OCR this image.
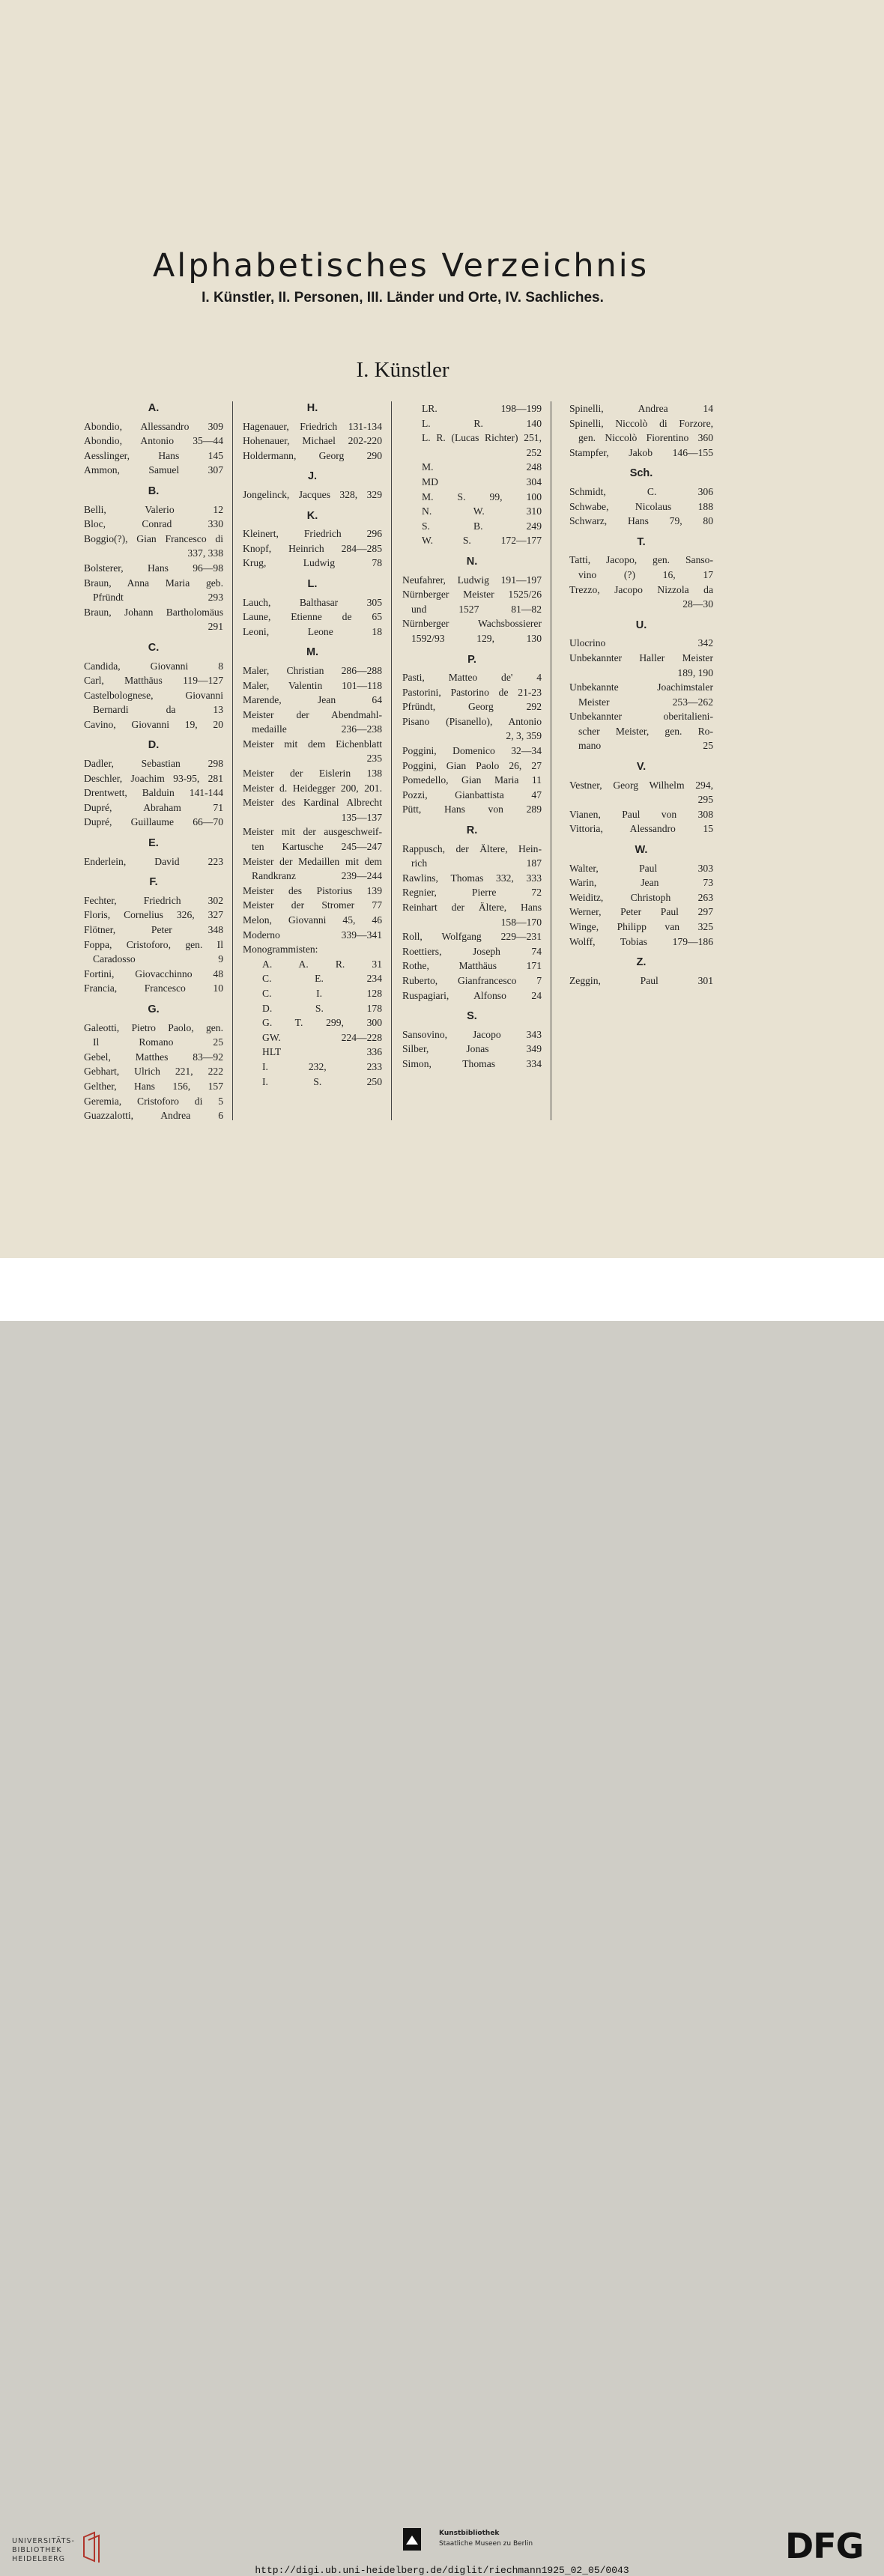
Alphabetisches Verzeichnis
I. Künstler, II. Personen, III. Länder und Orte, IV. Sachliches.
I. Künstler
A.
Abondio, Allessandro 309
Abondio, Antonio 35—44
Aesslinger, Hans 145
Ammon, Samuel 307
B.
Belli, Valerio 12
Bloc, Conrad 330
Boggio(?), Gian Francesco di
337, 338
Bolsterer, Hans 96—98
Braun, Anna Maria geb.
Pfründt 293
Braun, Johann Bartholomäus
291
C.
Candida, Giovanni 8
Carl, Matthäus 119—127
Castelbolognese, Giovanni
Bernardi da 13
Cavino, Giovanni 19, 20
D.
Dadler, Sebastian 298
Deschler, Joachim 93-95, 281
Drentwett, Balduin 141-144
Dupré, Abraham 71
Dupré, Guillaume 66—70
E.
Enderlein, David 223
F.
Fechter, Friedrich 302
Floris, Cornelius 326, 327
Flötner, Peter 348
Foppa, Cristoforo, gen. Il
Caradosso 9
Fortini, Giovacchinno 48
Francia, Francesco 10
G.
Galeotti, Pietro Paolo, gen.
Il Romano 25
Gebel, Matthes 83—92
Gebhart, Ulrich 221, 222
Gelther, Hans 156, 157
Geremia, Cristoforo di 5
Guazzalotti, Andrea 6
H.
Hagenauer, Friedrich 131-134
Hohenauer, Michael 202-220
Holdermann, Georg 290
J.
Jongelinck, Jacques 328, 329
K.
Kleinert, Friedrich 296
Knopf, Heinrich 284—285
Krug, Ludwig 78
L.
Lauch, Balthasar 305
Laune, Etienne de 65
Leoni, Leone 18
M.
Maler, Christian 286—288
Maler, Valentin 101—118
Marende, Jean 64
Meister der Abendmahl-
medaille 236—238
Meister mit dem Eichenblatt
235
Meister der Eislerin 138
Meister d. Heidegger 200, 201.
Meister des Kardinal Albrecht
135—137
Meister mit der ausgeschweif-
ten Kartusche 245—247
Meister der Medaillen mit dem
Randkranz 239—244
Meister des Pistorius 139
Meister der Stromer 77
Melon, Giovanni 45, 46
Moderno 339—341
Monogrammisten:
A. A. R. 31
C. E. 234
C. I. 128
D. S. 178
G. T. 299, 300
GW. 224—228
HLT 336
I. 232, 233
I. S. 250
LR. 198—199
L. R. 140
L. R. (Lucas Richter) 251,
252
M. 248
MD 304
M. S. 99, 100
N. W. 310
S. B. 249
W. S. 172—177
N.
Neufahrer, Ludwig 191—197
Nürnberger Meister 1525/26
und 1527 81—82
Nürnberger Wachsbossierer
1592/93 129, 130
P.
Pasti, Matteo de' 4
Pastorini, Pastorino de 21-23
Pfründt, Georg 292
Pisano (Pisanello), Antonio
2, 3, 359
Poggini, Domenico 32—34
Poggini, Gian Paolo 26, 27
Pomedello, Gian Maria 11
Pozzi, Gianbattista 47
Pütt, Hans von 289
R.
Rappusch, der Ältere, Hein-
rich 187
Rawlins, Thomas 332, 333
Regnier, Pierre 72
Reinhart der Ältere, Hans
158—170
Roll, Wolfgang 229—231
Roettiers, Joseph 74
Rothe, Matthäus 171
Ruberto, Gianfrancesco 7
Ruspagiari, Alfonso 24
S.
Sansovino, Jacopo 343
Silber, Jonas 349
Simon, Thomas 334
Spinelli, Andrea 14
Spinelli, Niccolò di Forzore,
gen. Niccolò Fiorentino 360
Stampfer, Jakob 146—155
Sch.
Schmidt, C. 306
Schwabe, Nicolaus 188
Schwarz, Hans 79, 80
T.
Tatti, Jacopo, gen. Sanso-
vino (?) 16, 17
Trezzo, Jacopo Nizzola da
28—30
U.
Ulocrino 342
Unbekannter Haller Meister
189, 190
Unbekannte Joachimstaler
Meister 253—262
Unbekannter oberitalieni-
scher Meister, gen. Ro-
mano 25
V.
Vestner, Georg Wilhelm 294,
295
Vianen, Paul von 308
Vittoria, Alessandro 15
W.
Walter, Paul 303
Warin, Jean 73
Weiditz, Christoph 263
Werner, Peter Paul 297
Winge, Philipp van 325
Wolff, Tobias 179—186
Z.
Zeggin, Paul 301
UNIVERSITÄTS-
BIBLIOTHEK
HEIDELBERG
Kunstbibliothek
Staatliche Museen zu Berlin	DFG
http://digi.ub.uni-heidelberg.de/diglit/riechmann1925_02_05/0043
